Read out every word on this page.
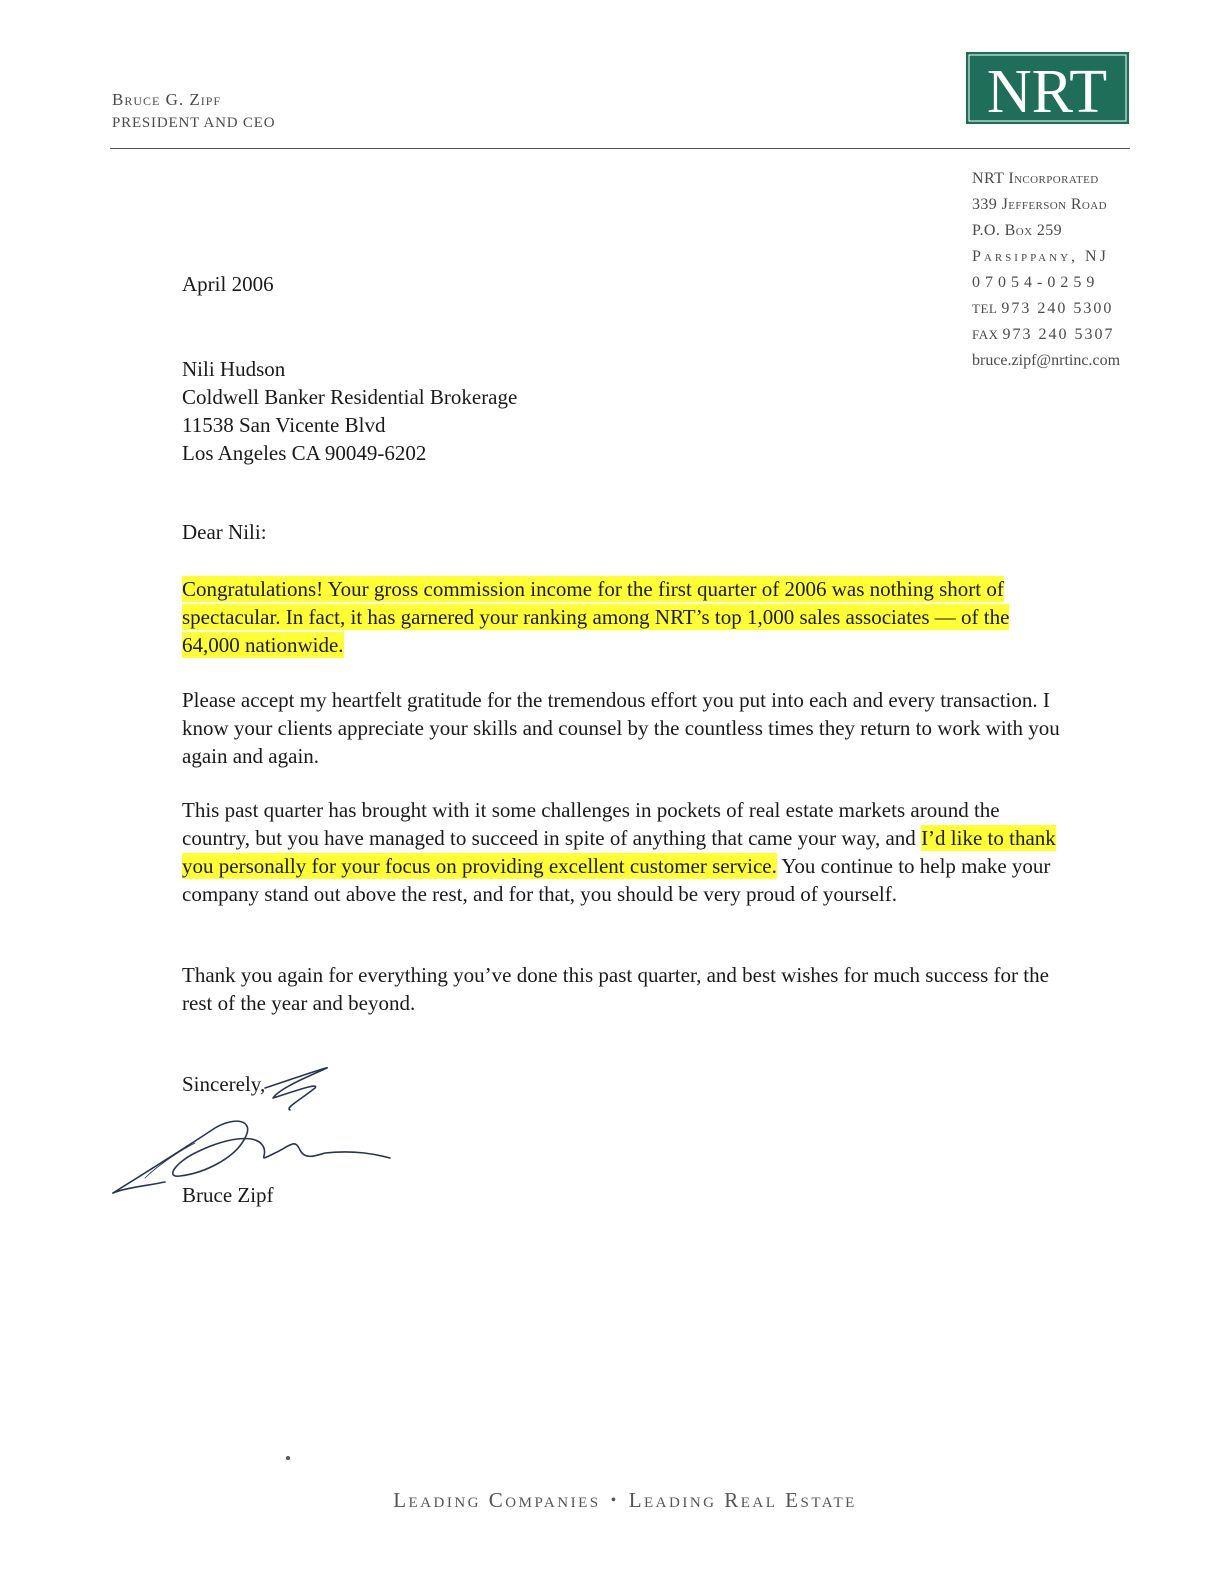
Bruce G. Zipf
PRESIDENT AND CEO	NRT
NRT Incorporated
339 Jefferson Road
P.O. Box 259
Parsippany, NJ
07054-0259
TEL 973 240 5300
FAX 973 240 5307
bruce.zipf@nrtinc.com
April 2006
Nili Hudson
Coldwell Banker Residential Brokerage
11538 San Vicente Blvd
Los Angeles CA 90049-6202
Dear Nili:
Congratulations! Your gross commission income for the first quarter of 2006 was nothing short of spectacular. In fact, it has garnered your ranking among NRT’s top 1,000 sales associates — of the 64,000 nationwide.
Please accept my heartfelt gratitude for the tremendous effort you put into each and every transaction. I know your clients appreciate your skills and counsel by the countless times they return to work with you again and again.
This past quarter has brought with it some challenges in pockets of real estate markets around the country, but you have managed to succeed in spite of anything that came your way, and I’d like to thank you personally for your focus on providing excellent customer service. You continue to help make your company stand out above the rest, and for that, you should be very proud of yourself.
Thank you again for everything you’ve done this past quarter, and best wishes for much success for the rest of the year and beyond.
Sincerely,
Bruce Zipf
Leading Companies • Leading Real Estate
